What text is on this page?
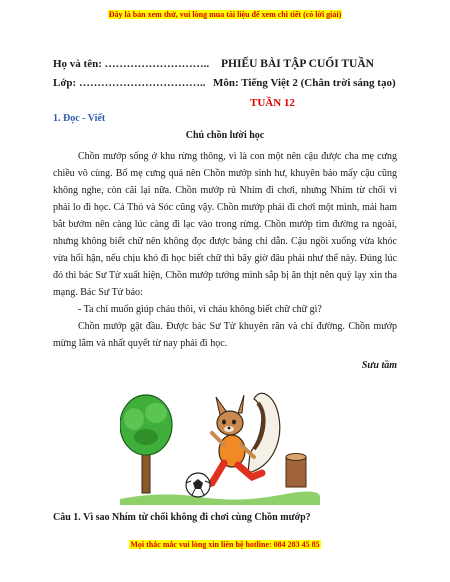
Đây là bản xem thử, vui lòng mua tài liệu để xem chi tiết (có lời giải)
Họ và tên: ……………………….. PHIẾU BÀI TẬP CUỐI TUẦN
Lớp: …………………………….. Môn: Tiếng Việt 2 (Chân trời sáng tạo)
TUẦN 12
1. Đọc - Viết
Chú chồn lười học

Chồn mướp sống ở khu rừng thông, vì là con một nên cậu được cha mẹ cưng chiều vô cùng. Bố mẹ cưng quá nên Chồn mướp sinh hư, khuyên bảo mấy cậu cũng không nghe, còn cãi lại nữa. Chồn mướp rủ Nhím đi chơi, nhưng Nhím từ chối vì phải lo đi học. Cả Thỏ và Sóc cũng vậy. Chồn mướp phải đi chơi một mình, mải ham bắt bướm nên càng lúc càng đi lạc vào trong rừng. Chồn mướp tìm đường ra ngoài, nhưng không biết chữ nên không đọc được bảng chỉ dẫn. Cậu ngồi xuống vừa khóc vừa hối hận, nếu chịu khó đi học biết chữ thì bây giờ đâu phải như thế này. Đúng lúc đó thì bác Sư Tử xuất hiện, Chồn mướp tưởng mình sắp bị ăn thịt nên quỳ lạy xin tha mạng. Bác Sư Tử bảo:

- Ta chỉ muốn giúp cháu thôi, vì cháu không biết chữ chữ gì?

Chồn mướp gật đầu. Được bác Sư Tử khuyên răn và chỉ đường. Chồn mướp mừng lắm và nhất quyết từ nay phải đi học.

Sưu tầm
Câu 1. Vì sao Nhím từ chối không đi chơi cùng Chồn mướp?
Mọi thắc mắc vui lòng xin liên hệ hotline: 084 283 45 85
